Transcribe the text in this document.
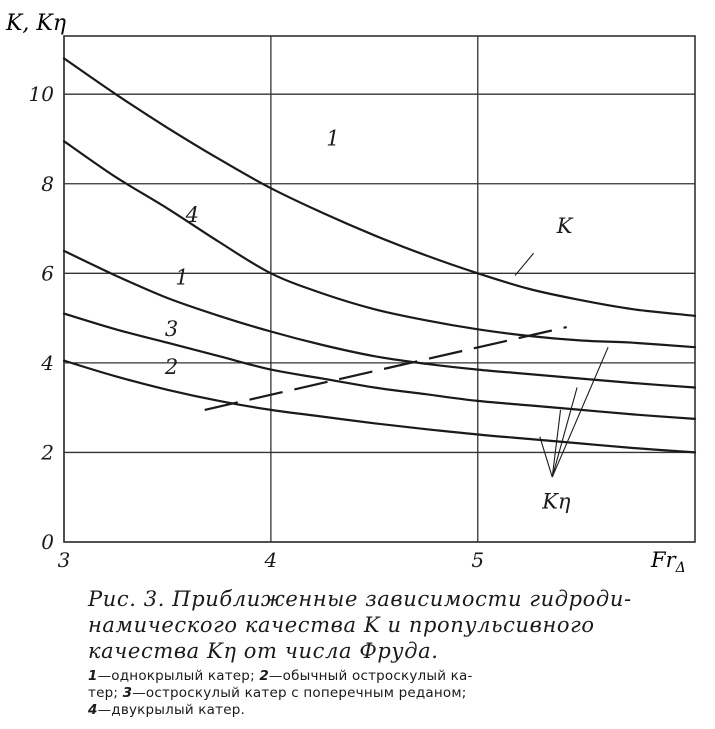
3	4	5
0
2
4
6
8
10
1
4
1
3
2
K
Kη
K, Kη
$Fr_\Delta$
Рис. 3. Приближенные зависимости гидроди-
намического качества K и пропульсивного
качества Kη от числа Фруда.
1—однокрылый катер; 2—обычный остроскулый ка-
тер; 3—остроскулый катер с поперечным реданом;
4—двукрылый катер.
